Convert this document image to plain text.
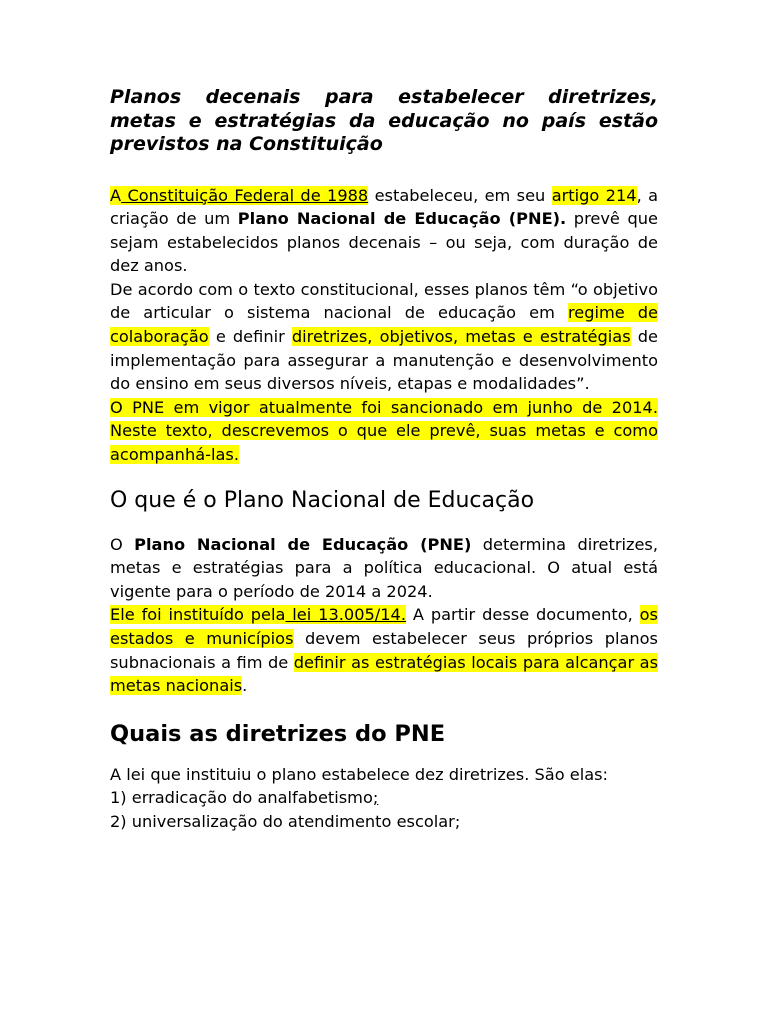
Planos decenais para estabelecer diretrizes, metas e estratégias da educação no país estão previstos na Constituição

A Constituição Federal de 1988 estabeleceu, em seu artigo 214, a criação de um Plano Nacional de Educação (PNE). prevê que sejam estabelecidos planos decenais – ou seja, com duração de dez anos.

De acordo com o texto constitucional, esses planos têm “o objetivo de articular o sistema nacional de educação em regime de colaboração e definir diretrizes, objetivos, metas e estratégias de implementação para assegurar a manutenção e desenvolvimento do ensino em seus diversos níveis, etapas e modalidades”.

O PNE em vigor atualmente foi sancionado em junho de 2014. Neste texto, descrevemos o que ele prevê, suas metas e como acompanhá-las.

O que é o Plano Nacional de Educação

O Plano Nacional de Educação (PNE) determina diretrizes, metas e estratégias para a política educacional. O atual está vigente para o período de 2014 a 2024.

Ele foi instituído pela lei 13.005/14. A partir desse documento, os estados e municípios devem estabelecer seus próprios planos subnacionais a fim de definir as estratégias locais para alcançar as metas nacionais.

Quais as diretrizes do PNE
A lei que instituiu o plano estabelece dez diretrizes. São elas:
1) erradicação do analfabetismo;
2) universalização do atendimento escolar;
